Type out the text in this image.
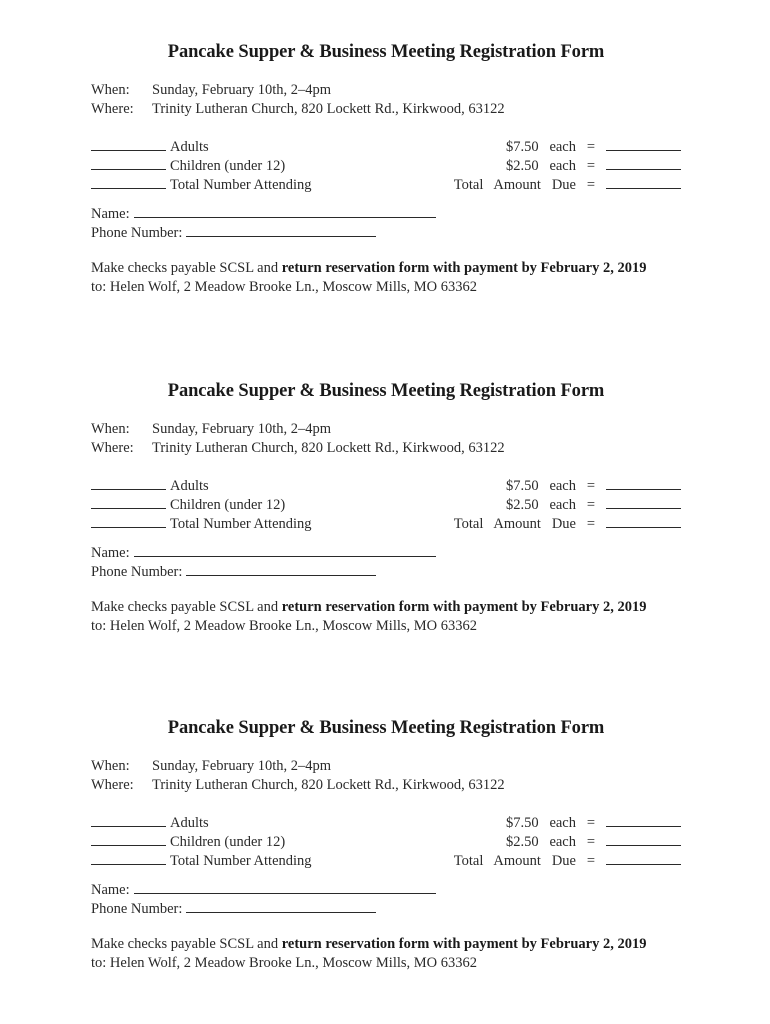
Pancake Supper & Business Meeting Registration Form
When: Sunday, February 10th, 2–4pm
Where: Trinity Lutheran Church, 820 Lockett Rd., Kirkwood, 63122
Adults
Children (under 12)
Total Number Attending
$7.50   each =
$2.50   each =
Total   Amount   Due =
Name:
Phone Number:
Make checks payable SCSL and return reservation form with payment by February 2, 2019
to: Helen Wolf, 2 Meadow Brooke Ln., Moscow Mills, MO 63362
Pancake Supper & Business Meeting Registration Form
When: Sunday, February 10th, 2–4pm
Where: Trinity Lutheran Church, 820 Lockett Rd., Kirkwood, 63122
Adults
Children (under 12)
Total Number Attending
$7.50   each =
$2.50   each =
Total   Amount   Due =
Name:
Phone Number:
Make checks payable SCSL and return reservation form with payment by February 2, 2019
to: Helen Wolf, 2 Meadow Brooke Ln., Moscow Mills, MO 63362
Pancake Supper & Business Meeting Registration Form
When: Sunday, February 10th, 2–4pm
Where: Trinity Lutheran Church, 820 Lockett Rd., Kirkwood, 63122
Adults
Children (under 12)
Total Number Attending
$7.50   each =
$2.50   each =
Total   Amount   Due =
Name:
Phone Number:
Make checks payable SCSL and return reservation form with payment by February 2, 2019
to: Helen Wolf, 2 Meadow Brooke Ln., Moscow Mills, MO 63362
